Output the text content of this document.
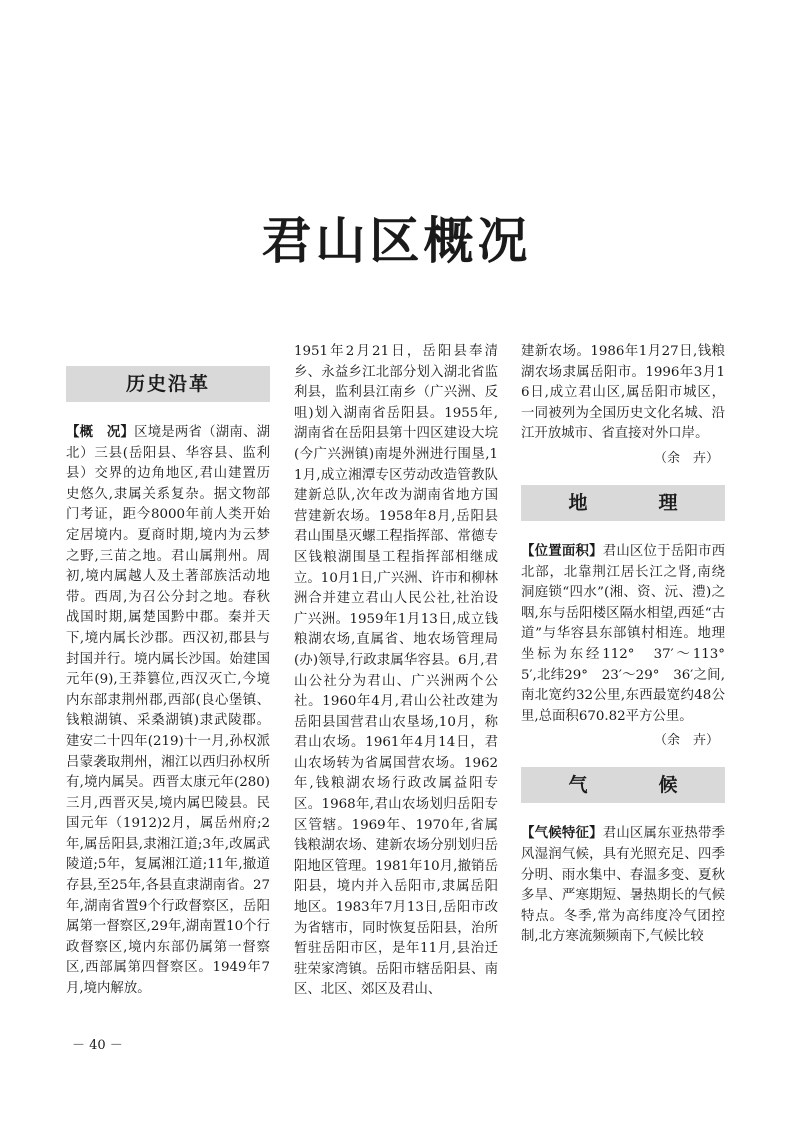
君山区概况
历史沿革

【概　况】区境是两省（湖南、湖北）三县(岳阳县、华容县、监利县）交界的边角地区,君山建置历史悠久,隶属关系复杂。据文物部门考证，距今8000年前人类开始定居境内。夏商时期,境内为云梦之野,三苗之地。君山属荆州。周初,境内属越人及土著部族活动地带。西周,为召公分封之地。春秋战国时期,属楚国黔中郡。秦并天下,境内属长沙郡。西汉初,郡县与封国并行。境内属长沙国。始建国元年(9),王莽篡位,西汉灭亡,今境内东部隶荆州郡,西部(良心堡镇、钱粮湖镇、采桑湖镇)隶武陵郡。建安二十四年(219)十一月,孙权派吕蒙袭取荆州，湘江以西归孙权所有,境内属吴。西晋太康元年(280)三月,西晋灭吴,境内属巴陵县。民国元年（1912)2月，属岳州府;2年,属岳阳县,隶湘江道;3年,改属武陵道;5年，复属湘江道;11年,撤道存县,至25年,各县直隶湖南省。27年,湖南省置9个行政督察区，岳阳属第一督察区,29年,湖南置10个行政督察区,境内东部仍属第一督察区,西部属第四督察区。1949年7月,境内解放。

1951年2月21日，岳阳县奉清乡、永益乡江北部分划入湖北省监利县，监利县江南乡（广兴洲、反咀)划入湖南省岳阳县。1955年,湖南省在岳阳县第十四区建设大垸(今广兴洲镇)南堤外洲进行围垦,11月,成立湘潭专区劳动改造管教队建新总队,次年改为湖南省地方国营建新农场。1958年8月,岳阳县君山围垦灭螺工程指挥部、常德专区钱粮湖围垦工程指挥部相继成立。10月1日,广兴洲、许市和柳林洲合并建立君山人民公社,社治设广兴洲。1959年1月13日,成立钱粮湖农场,直属省、地农场管理局(办)领导,行政隶属华容县。6月,君山公社分为君山、广兴洲两个公社。1960年4月,君山公社改建为岳阳县国营君山农垦场,10月，称君山农场。1961年4月14日，君山农场转为省属国营农场。1962年,钱粮湖农场行政改属益阳专区。1968年,君山农场划归岳阳专区管辖。1969年、1970年,省属钱粮湖农场、建新农场分别划归岳阳地区管理。1981年10月,撤销岳阳县，境内并入岳阳市,隶属岳阳地区。1983年7月13日,岳阳市改为省辖市，同时恢复岳阳县，治所暂驻岳阳市区，是年11月,县治迁驻荣家湾镇。岳阳市辖岳阳县、南区、北区、郊区及君山、

建新农场。1986年1月27日,钱粮湖农场隶属岳阳市。1996年3月16日,成立君山区,属岳阳市城区，一同被列为全国历史文化名城、沿江开放城市、省直接对外口岸。

（余　卉）
地　理

【位置面积】君山区位于岳阳市西北部，北靠荆江居长江之肾,南绕洞庭锁“四水”(湘、资、沅、澧)之咽,东与岳阳楼区隔水相望,西延“古道”与华容县东部镇村相连。地理坐标为东经112°　37′～113°　5′,北纬29°　23′～29°　36′之间,南北宽约32公里,东西最宽约48公里,总面积670.82平方公里。

（余　卉）
气　候

【气候特征】君山区属东亚热带季风湿润气候，具有光照充足、四季分明、雨水集中、春温多变、夏秋多旱、严寒期短、暑热期长的气候特点。冬季,常为高纬度冷气团控制,北方寒流频频南下,气候比较

－ 40 －
